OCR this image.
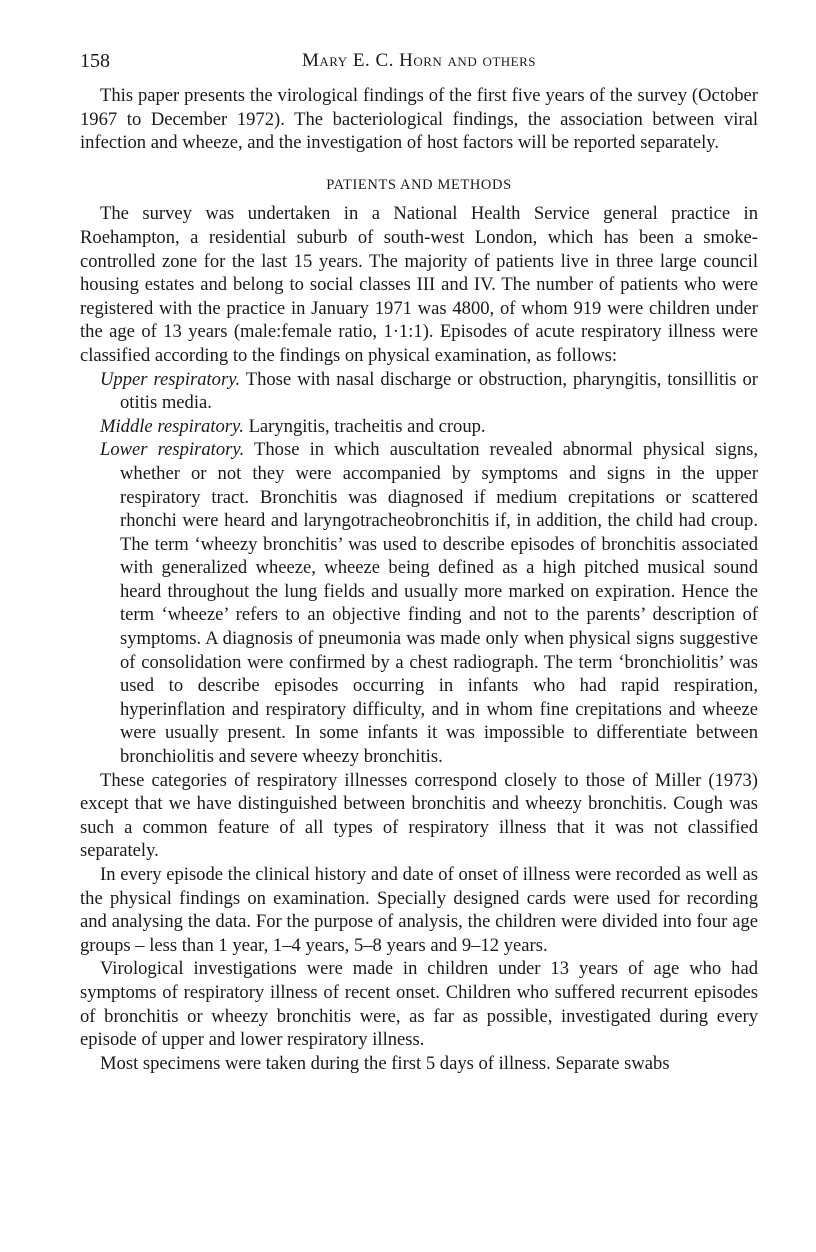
158	Mary E. C. Horn and others

This paper presents the virological findings of the first five years of the survey (October 1967 to December 1972). The bacteriological findings, the association between viral infection and wheeze, and the investigation of host factors will be reported separately.

PATIENTS AND METHODS

The survey was undertaken in a National Health Service general practice in Roehampton, a residential suburb of south-west London, which has been a smoke-controlled zone for the last 15 years. The majority of patients live in three large council housing estates and belong to social classes III and IV. The number of patients who were registered with the practice in January 1971 was 4800, of whom 919 were children under the age of 13 years (male:female ratio, 1·1:1). Episodes of acute respiratory illness were classified according to the findings on physical examination, as follows:

Upper respiratory. Those with nasal discharge or obstruction, pharyngitis, tonsillitis or otitis media.

Middle respiratory. Laryngitis, tracheitis and croup.

Lower respiratory. Those in which auscultation revealed abnormal physical signs, whether or not they were accompanied by symptoms and signs in the upper respiratory tract. Bronchitis was diagnosed if medium crepitations or scattered rhonchi were heard and laryngotracheobronchitis if, in addition, the child had croup. The term ‘wheezy bronchitis’ was used to describe episodes of bronchitis associated with generalized wheeze, wheeze being defined as a high pitched musical sound heard throughout the lung fields and usually more marked on expiration. Hence the term ‘wheeze’ refers to an objective finding and not to the parents’ description of symptoms. A diagnosis of pneumonia was made only when physical signs suggestive of consolidation were confirmed by a chest radiograph. The term ‘bronchiolitis’ was used to describe episodes occurring in infants who had rapid respiration, hyperinflation and respiratory difficulty, and in whom fine crepitations and wheeze were usually present. In some infants it was impossible to differentiate between bronchiolitis and severe wheezy bronchitis.

These categories of respiratory illnesses correspond closely to those of Miller (1973) except that we have distinguished between bronchitis and wheezy bronchitis. Cough was such a common feature of all types of respiratory illness that it was not classified separately.

In every episode the clinical history and date of onset of illness were recorded as well as the physical findings on examination. Specially designed cards were used for recording and analysing the data. For the purpose of analysis, the children were divided into four age groups – less than 1 year, 1–4 years, 5–8 years and 9–12 years.

Virological investigations were made in children under 13 years of age who had symptoms of respiratory illness of recent onset. Children who suffered recurrent episodes of bronchitis or wheezy bronchitis were, as far as possible, investigated during every episode of upper and lower respiratory illness.

Most specimens were taken during the first 5 days of illness. Separate swabs
